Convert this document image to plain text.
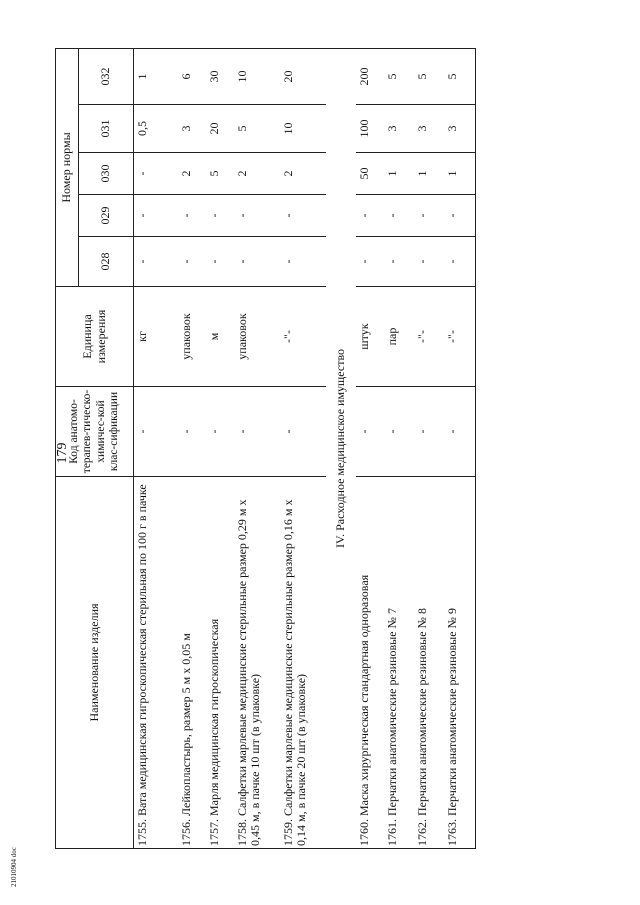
179
Наименование изделия	Код анатомо-терапев-тическо-химичес-кой клас-сификации	Единица измерения	Номер нормы				
			028	029	030	031	032
1755.Вата медицинская гигроскопическая стерильная по 100 г в пачке	-	кг	-	-	-	0,5	1
1756.Лейкопластырь, размер 5 м х 0,05 м	-	упаковок	-	-	2	3	6
1757.Марля медицинская гигроскопическая	-	м	-	-	5	20	30
1758.Салфетки марлевые медицинские стерильные размер 0,29 м х 0,45 м, в пачке 10 шт (в упаковке)	-	упаковок	-	-	2	5	10
1759.Салфетки марлевые медицинские стерильные размер 0,16 м х 0,14 м, в пачке 20 шт (в упаковке)	-	-"-	-	-	2	10	20
IV. Расходное медицинское имущество							
1760.Маска хирургическая стандартная одноразовая	-	штук	-	-	50	100	200
1761.Перчатки анатомические резиновые № 7	-	пар	-	-	1	3	5
1762.Перчатки анатомические резиновые № 8	-	-"-	-	-	1	3	5
1763.Перчатки анатомические резиновые № 9	-	-"-	-	-	1	3	5
21010904 doc
